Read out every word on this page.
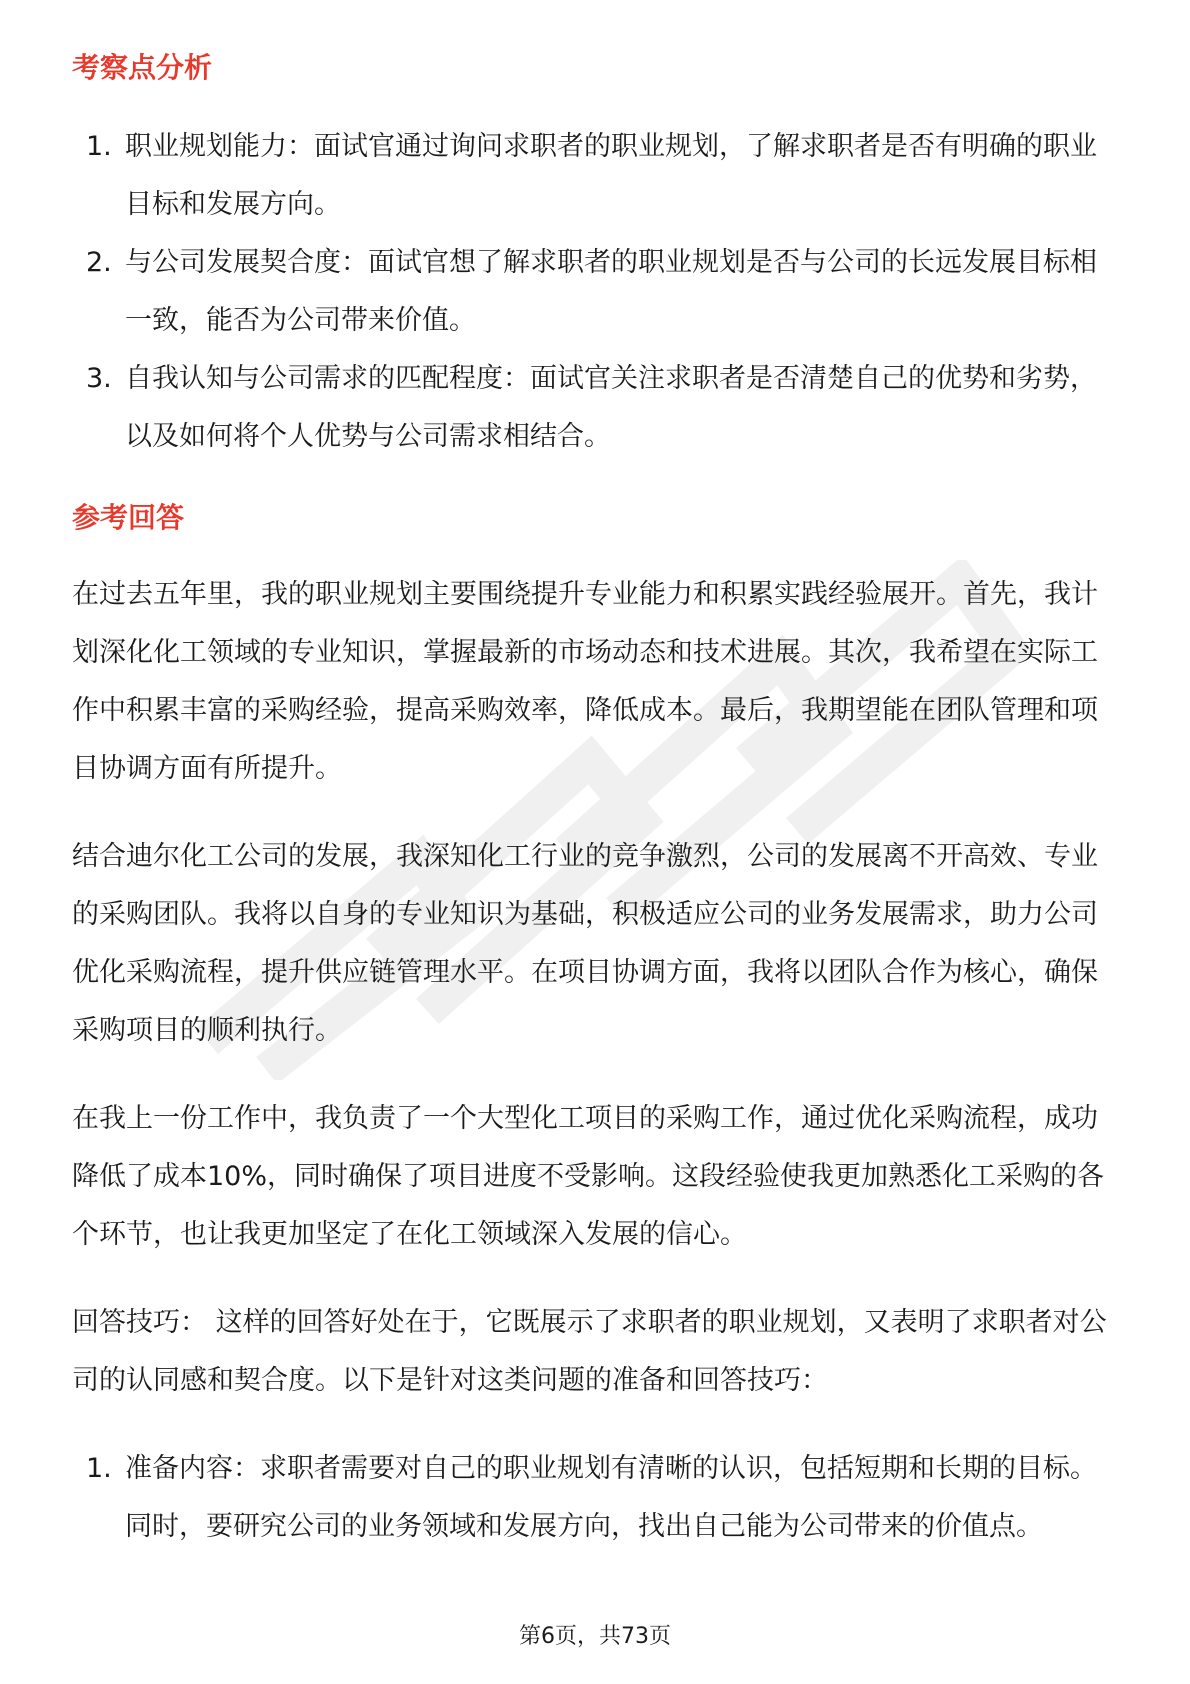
考察点分析
1. 职业规划能力：面试官通过询问求职者的职业规划，了解求职者是否有明确的职业目标和发展方向。
2. 与公司发展契合度：面试官想了解求职者的职业规划是否与公司的长远发展目标相一致，能否为公司带来价值。
3. 自我认知与公司需求的匹配程度：面试官关注求职者是否清楚自己的优势和劣势，以及如何将个人优势与公司需求相结合。
参考回答

在过去五年里，我的职业规划主要围绕提升专业能力和积累实践经验展开。首先，我计划深化化工领域的专业知识，掌握最新的市场动态和技术进展。其次，我希望在实际工作中积累丰富的采购经验，提高采购效率，降低成本。最后，我期望能在团队管理和项目协调方面有所提升。

结合迪尔化工公司的发展，我深知化工行业的竞争激烈，公司的发展离不开高效、专业的采购团队。我将以自身的专业知识为基础，积极适应公司的业务发展需求，助力公司优化采购流程，提升供应链管理水平。在项目协调方面，我将以团队合作为核心，确保采购项目的顺利执行。

在我上一份工作中，我负责了一个大型化工项目的采购工作，通过优化采购流程，成功降低了成本10%，同时确保了项目进度不受影响。这段经验使我更加熟悉化工采购的各个环节，也让我更加坚定了在化工领域深入发展的信心。

回答技巧： 这样的回答好处在于，它既展示了求职者的职业规划，又表明了求职者对公司的认同感和契合度。以下是针对这类问题的准备和回答技巧：

1. 准备内容：求职者需要对自己的职业规划有清晰的认识，包括短期和长期的目标。同时，要研究公司的业务领域和发展方向，找出自己能为公司带来的价值点。
第6页，共73页
